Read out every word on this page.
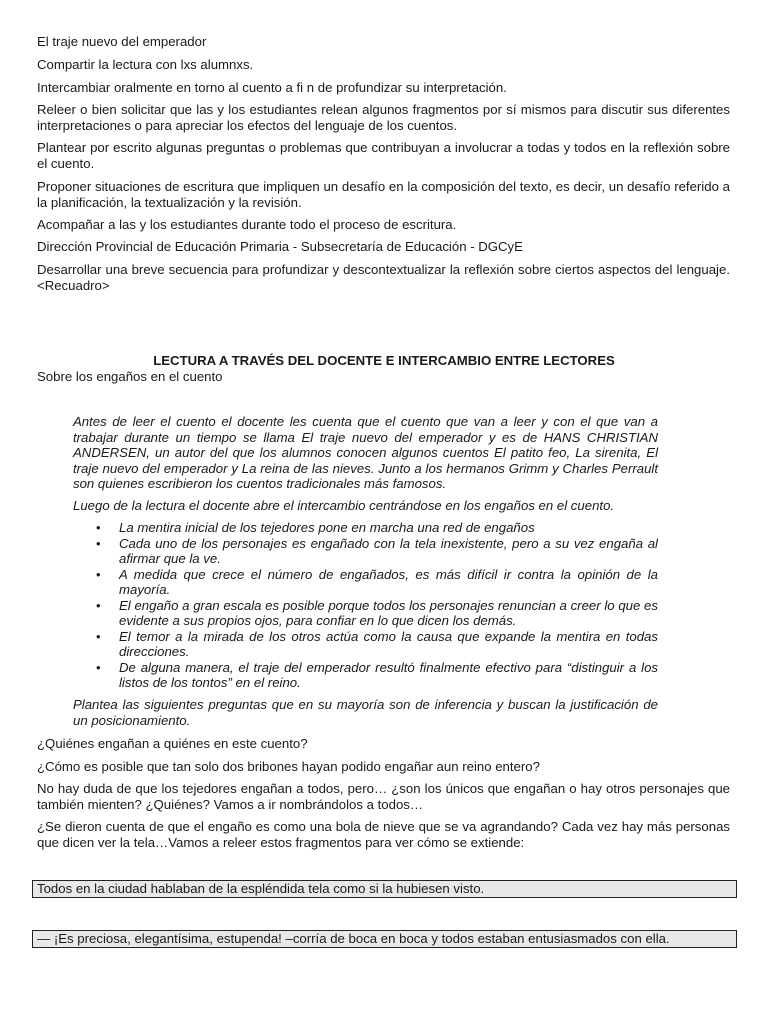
El traje nuevo del emperador

Compartir la lectura con lxs alumnxs.

Intercambiar oralmente en torno al cuento a fi n de profundizar su interpretación.

Releer o bien solicitar que las y los estudiantes relean algunos fragmentos por sí mismos para discutir sus diferentes interpretaciones o para apreciar los efectos del lenguaje de los cuentos.

Plantear por escrito algunas preguntas o problemas que contribuyan a involucrar a todas y todos en la reflexión sobre el cuento.

Proponer situaciones de escritura que impliquen un desafío en la composición del texto, es decir, un desafío referido a la planificación, la textualización y la revisión.

Acompañar a las y los estudiantes durante todo el proceso de escritura.

Dirección Provincial de Educación Primaria - Subsecretaría de Educación - DGCyE

Desarrollar una breve secuencia para profundizar y descontextualizar la reflexión sobre ciertos aspectos del lenguaje. <Recuadro>

LECTURA A TRAVÉS DEL DOCENTE E INTERCAMBIO ENTRE LECTORES

Sobre los engaños en el cuento

Antes de leer el cuento el docente les cuenta que el cuento que van a leer y con el que van a trabajar durante un tiempo se llama El traje nuevo del emperador y es de HANS CHRISTIAN ANDERSEN, un autor del que los alumnos conocen algunos cuentos El patito feo, La sirenita, El traje nuevo del emperador y La reina de las nieves. Junto a los hermanos Grimm y Charles Perrault son quienes escribieron los cuentos tradicionales más famosos.

Luego de la lectura el docente abre el intercambio centrándose en los engaños en el cuento.

• La mentira inicial de los tejedores pone en marcha una red de engaños
• Cada uno de los personajes es engañado con la tela inexistente, pero a su vez engaña al afirmar que la ve.
• A medida que crece el número de engañados, es más difícil ir contra la opinión de la mayoría.
• El engaño a gran escala es posible porque todos los personajes renuncian a creer lo que es evidente a sus propios ojos, para confiar en lo que dicen los demás.
• El temor a la mirada de los otros actúa como la causa que expande la mentira en todas direcciones.
• De alguna manera, el traje del emperador resultó finalmente efectivo para “distinguir a los listos de los tontos” en el reino.

Plantea las siguientes preguntas que en su mayoría son de inferencia y buscan la justificación de un posicionamiento.

¿Quiénes engañan a quiénes en este cuento?

¿Cómo es posible que tan solo dos bribones hayan podido engañar aun reino entero?

No hay duda de que los tejedores engañan a todos, pero… ¿son los únicos que engañan o hay otros personajes que también mienten? ¿Quiénes? Vamos a ir nombrándolos a todos…

¿Se dieron cuenta de que el engaño es como una bola de nieve que se va agrandando? Cada vez hay más personas que dicen ver la tela…Vamos a releer estos fragmentos para ver cómo se extiende:

Todos en la ciudad hablaban de la espléndida tela como si la hubiesen visto.
— ¡Es preciosa, elegantísima, estupenda! –corría de boca en boca y todos estaban entusiasmados con ella.
